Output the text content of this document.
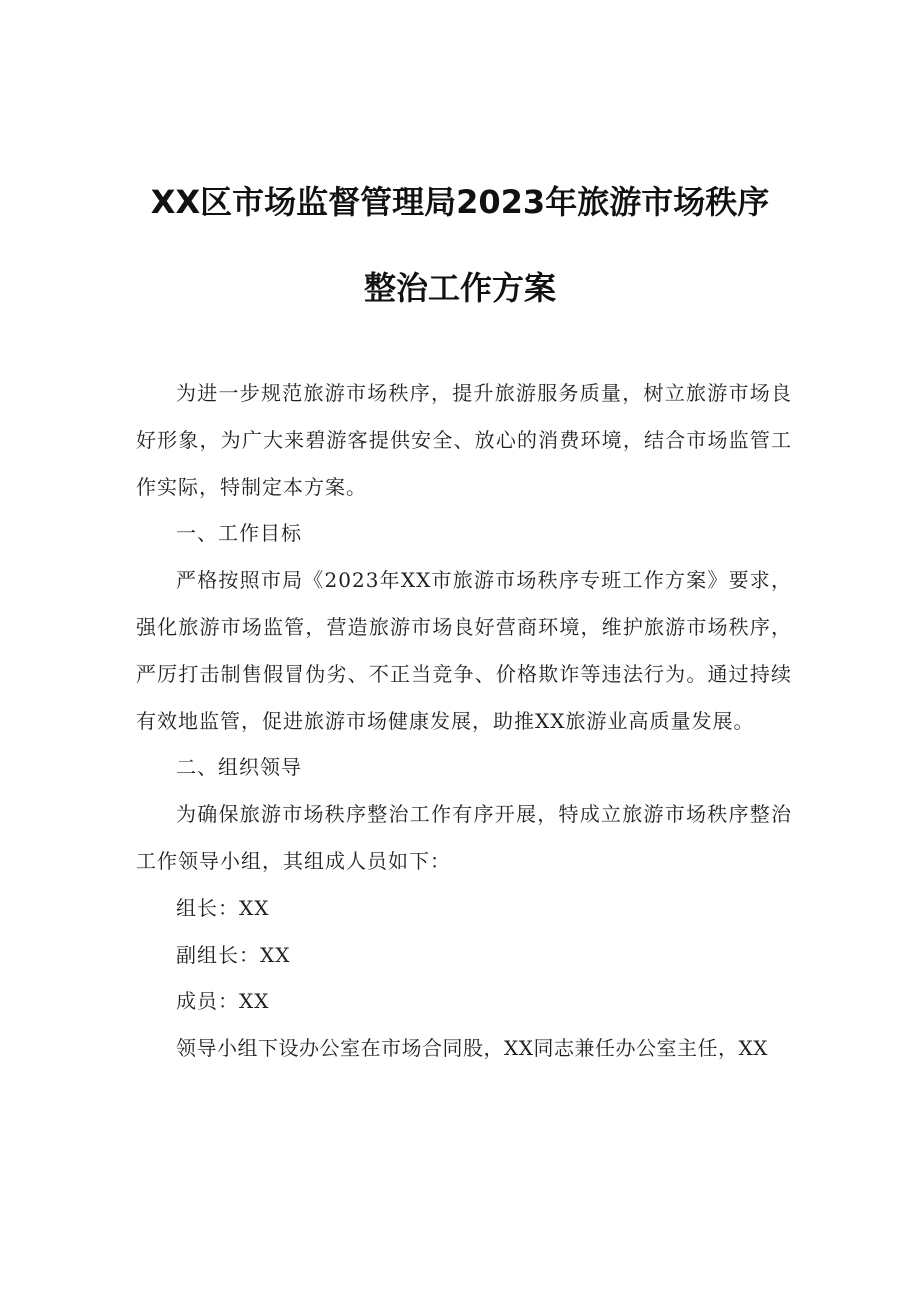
XX区市场监督管理局2023年旅游市场秩序
整治工作方案

为进一步规范旅游市场秩序，提升旅游服务质量，树立旅游市场良好形象，为广大来碧游客提供安全、放心的消费环境，结合市场监管工作实际，特制定本方案。

一、工作目标

严格按照市局《2023年XX市旅游市场秩序专班工作方案》要求，强化旅游市场监管，营造旅游市场良好营商环境，维护旅游市场秩序，严厉打击制售假冒伪劣、不正当竞争、价格欺诈等违法行为。通过持续有效地监管，促进旅游市场健康发展，助推XX旅游业高质量发展。

二、组织领导

为确保旅游市场秩序整治工作有序开展，特成立旅游市场秩序整治工作领导小组，其组成人员如下：

组长：XX

副组长：XX

成员：XX

领导小组下设办公室在市场合同股，XX同志兼任办公室主任，XX
